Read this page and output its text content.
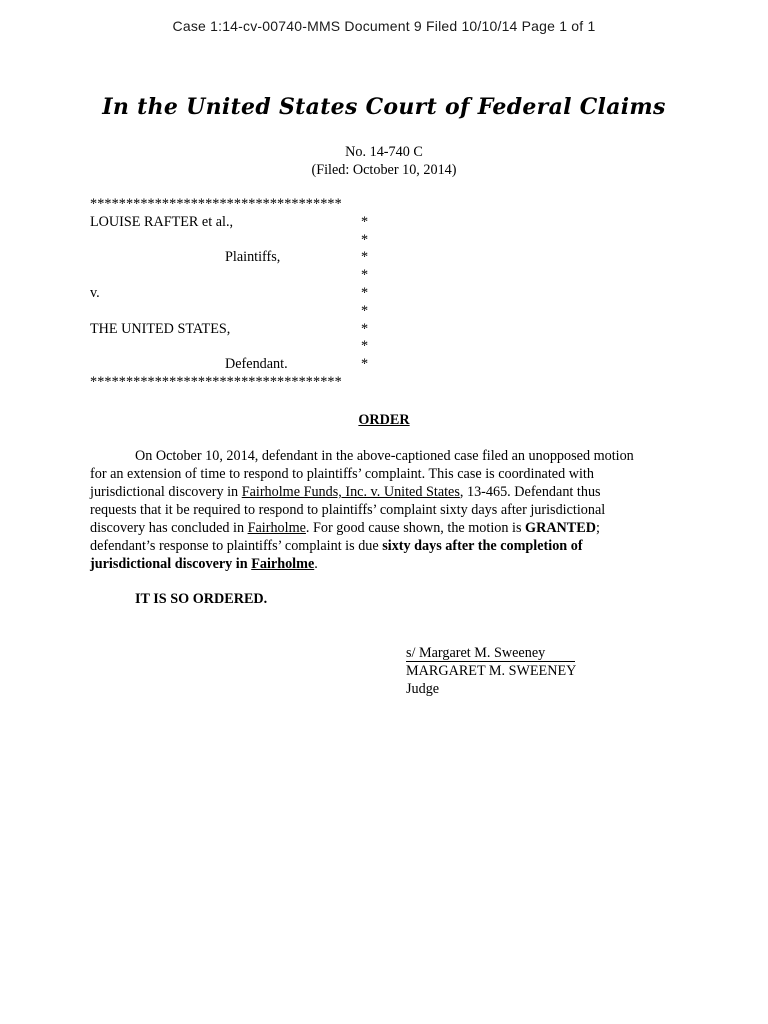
Case 1:14-cv-00740-MMS Document 9 Filed 10/10/14 Page 1 of 1
In the United States Court of Federal Claims
No. 14-740 C
(Filed: October 10, 2014)
***********************************
LOUISE RAFTER et al.,	*
*
Plaintiffs,	*
*
v.	*
*
THE UNITED STATES,	*
*
Defendant.	*
***********************************
ORDER

On October 10, 2014, defendant in the above-captioned case filed an unopposed motion

for an extension of time to respond to plaintiffs’ complaint. This case is coordinated with

jurisdictional discovery in Fairholme Funds, Inc. v. United States, 13-465. Defendant thus

requests that it be required to respond to plaintiffs’ complaint sixty days after jurisdictional

discovery has concluded in Fairholme. For good cause shown, the motion is GRANTED;

defendant’s response to plaintiffs’ complaint is due sixty days after the completion of

jurisdictional discovery in Fairholme.

IT IS SO ORDERED.
s/ Margaret M. Sweeney
MARGARET M. SWEENEY
Judge
